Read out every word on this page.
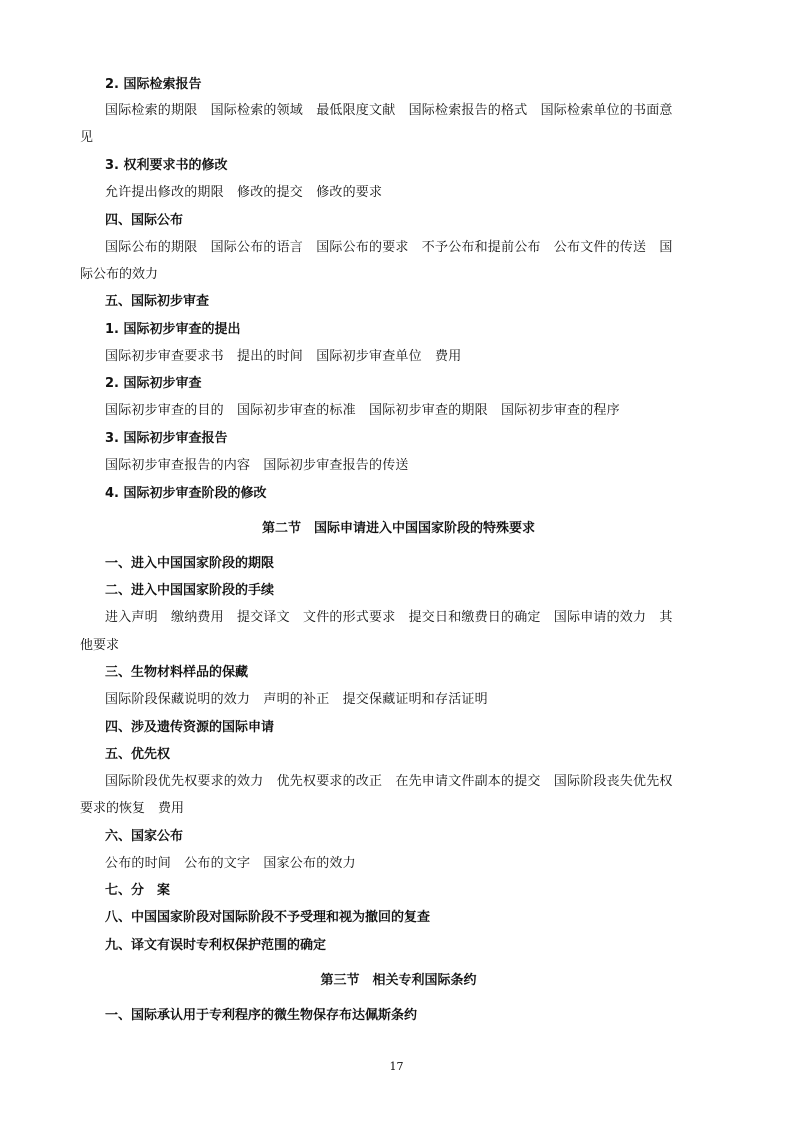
2. 国际检索报告
国际检索的期限　国际检索的领域　最低限度文献　国际检索报告的格式　国际检索单位的书面意
见
3. 权利要求书的修改
允许提出修改的期限　修改的提交　修改的要求
四、国际公布
国际公布的期限　国际公布的语言　国际公布的要求　不予公布和提前公布　公布文件的传送　国
际公布的效力
五、国际初步审查
1. 国际初步审查的提出
国际初步审查要求书　提出的时间　国际初步审查单位　费用
2. 国际初步审查
国际初步审查的目的　国际初步审查的标准　国际初步审查的期限　国际初步审查的程序
3. 国际初步审查报告
国际初步审查报告的内容　国际初步审查报告的传送
4. 国际初步审查阶段的修改
第二节　国际申请进入中国国家阶段的特殊要求
一、进入中国国家阶段的期限
二、进入中国国家阶段的手续
进入声明　缴纳费用　提交译文　文件的形式要求　提交日和缴费日的确定　国际申请的效力　其
他要求
三、生物材料样品的保藏
国际阶段保藏说明的效力　声明的补正　提交保藏证明和存活证明
四、涉及遗传资源的国际申请
五、优先权
国际阶段优先权要求的效力　优先权要求的改正　在先申请文件副本的提交　国际阶段丧失优先权
要求的恢复　费用
六、国家公布
公布的时间　公布的文字　国家公布的效力
七、分　案
八、中国国家阶段对国际阶段不予受理和视为撤回的复查
九、译文有误时专利权保护范围的确定
第三节　相关专利国际条约
一、国际承认用于专利程序的微生物保存布达佩斯条约
17
